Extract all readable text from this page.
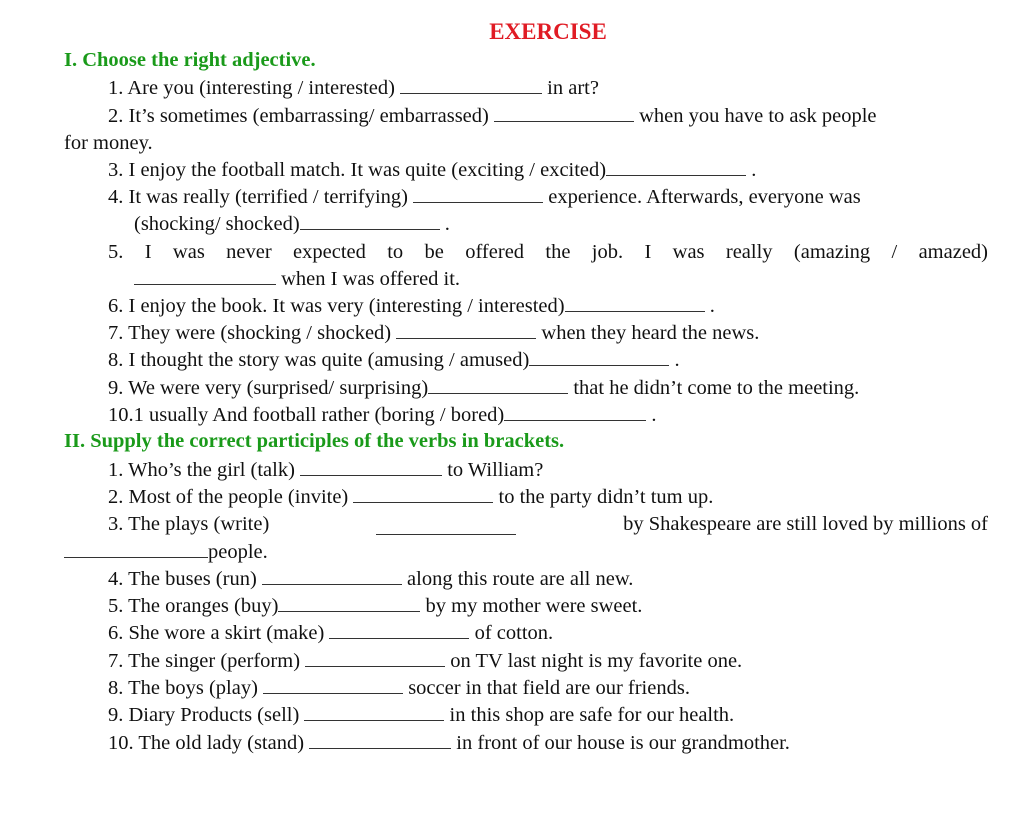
EXERCISE
I. Choose the right adjective.
1. Are you (interesting / interested)	in art?
2. It’s sometimes (embarrassing/ embarrassed)	when you have to ask people
for money.
3. I enjoy the football match. It was quite (exciting / excited)	.
4. It was really (terrified / terrifying)	experience. Afterwards, everyone was
(shocking/ shocked)	.
5. I was never expected to be offered the job. I was really (amazing / amazed)
when I was offered it.
6. I enjoy the book. It was very (interesting / interested)	.
7. They were (shocking / shocked)	when they heard the news.
8. I thought the story was quite (amusing / amused)	.
9. We were very (surprised/ surprising)	that he didn’t come to the meeting.
10.1 usually And football rather (boring / bored)	.
II. Supply the correct participles of the verbs in brackets.
1. Who’s the girl (talk)	to William?
2. Most of the people (invite)	to the party didn’t tum up.
3. The plays (write)	by Shakespeare are still loved by millions of
people.
4. The buses (run)	along this route are all new.
5. The oranges (buy)	by my mother were sweet.
6. She wore a skirt (make)	of cotton.
7. The singer (perform)	on TV last night is my favorite one.
8. The boys (play)	soccer in that field are our friends.
9. Diary Products (sell)	in this shop are safe for our health.
10. The old lady (stand)	in front of our house is our grandmother.
